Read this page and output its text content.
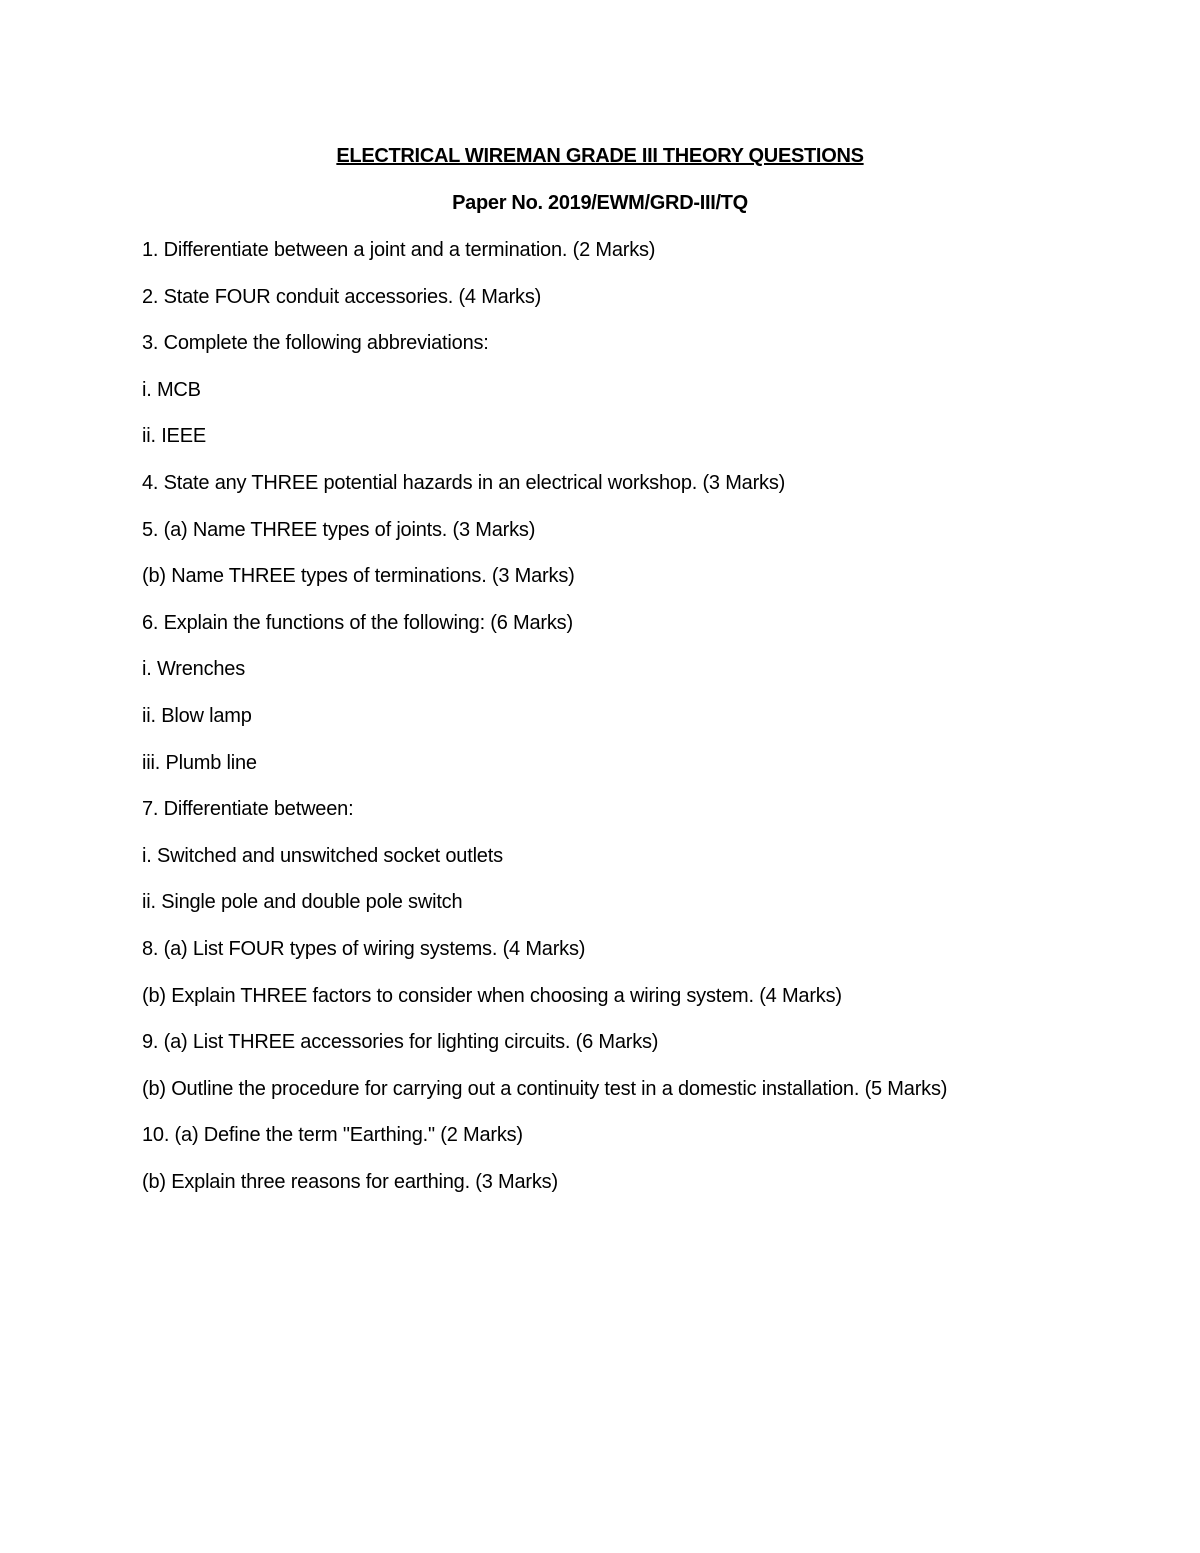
ELECTRICAL WIREMAN GRADE III THEORY QUESTIONS
Paper No. 2019/EWM/GRD-III/TQ
1. Differentiate between a joint and a termination. (2 Marks)
2. State FOUR conduit accessories. (4 Marks)
3. Complete the following abbreviations:
i. MCB
ii. IEEE
4. State any THREE potential hazards in an electrical workshop. (3 Marks)
5. (a) Name THREE types of joints. (3 Marks)
(b) Name THREE types of terminations. (3 Marks)
6. Explain the functions of the following: (6 Marks)
i. Wrenches
ii. Blow lamp
iii. Plumb line
7. Differentiate between:
i. Switched and unswitched socket outlets
ii. Single pole and double pole switch
8. (a) List FOUR types of wiring systems. (4 Marks)
(b) Explain THREE factors to consider when choosing a wiring system. (4 Marks)
9. (a) List THREE accessories for lighting circuits. (6 Marks)
(b) Outline the procedure for carrying out a continuity test in a domestic installation. (5 Marks)
10. (a) Define the term "Earthing." (2 Marks)
(b) Explain three reasons for earthing. (3 Marks)
